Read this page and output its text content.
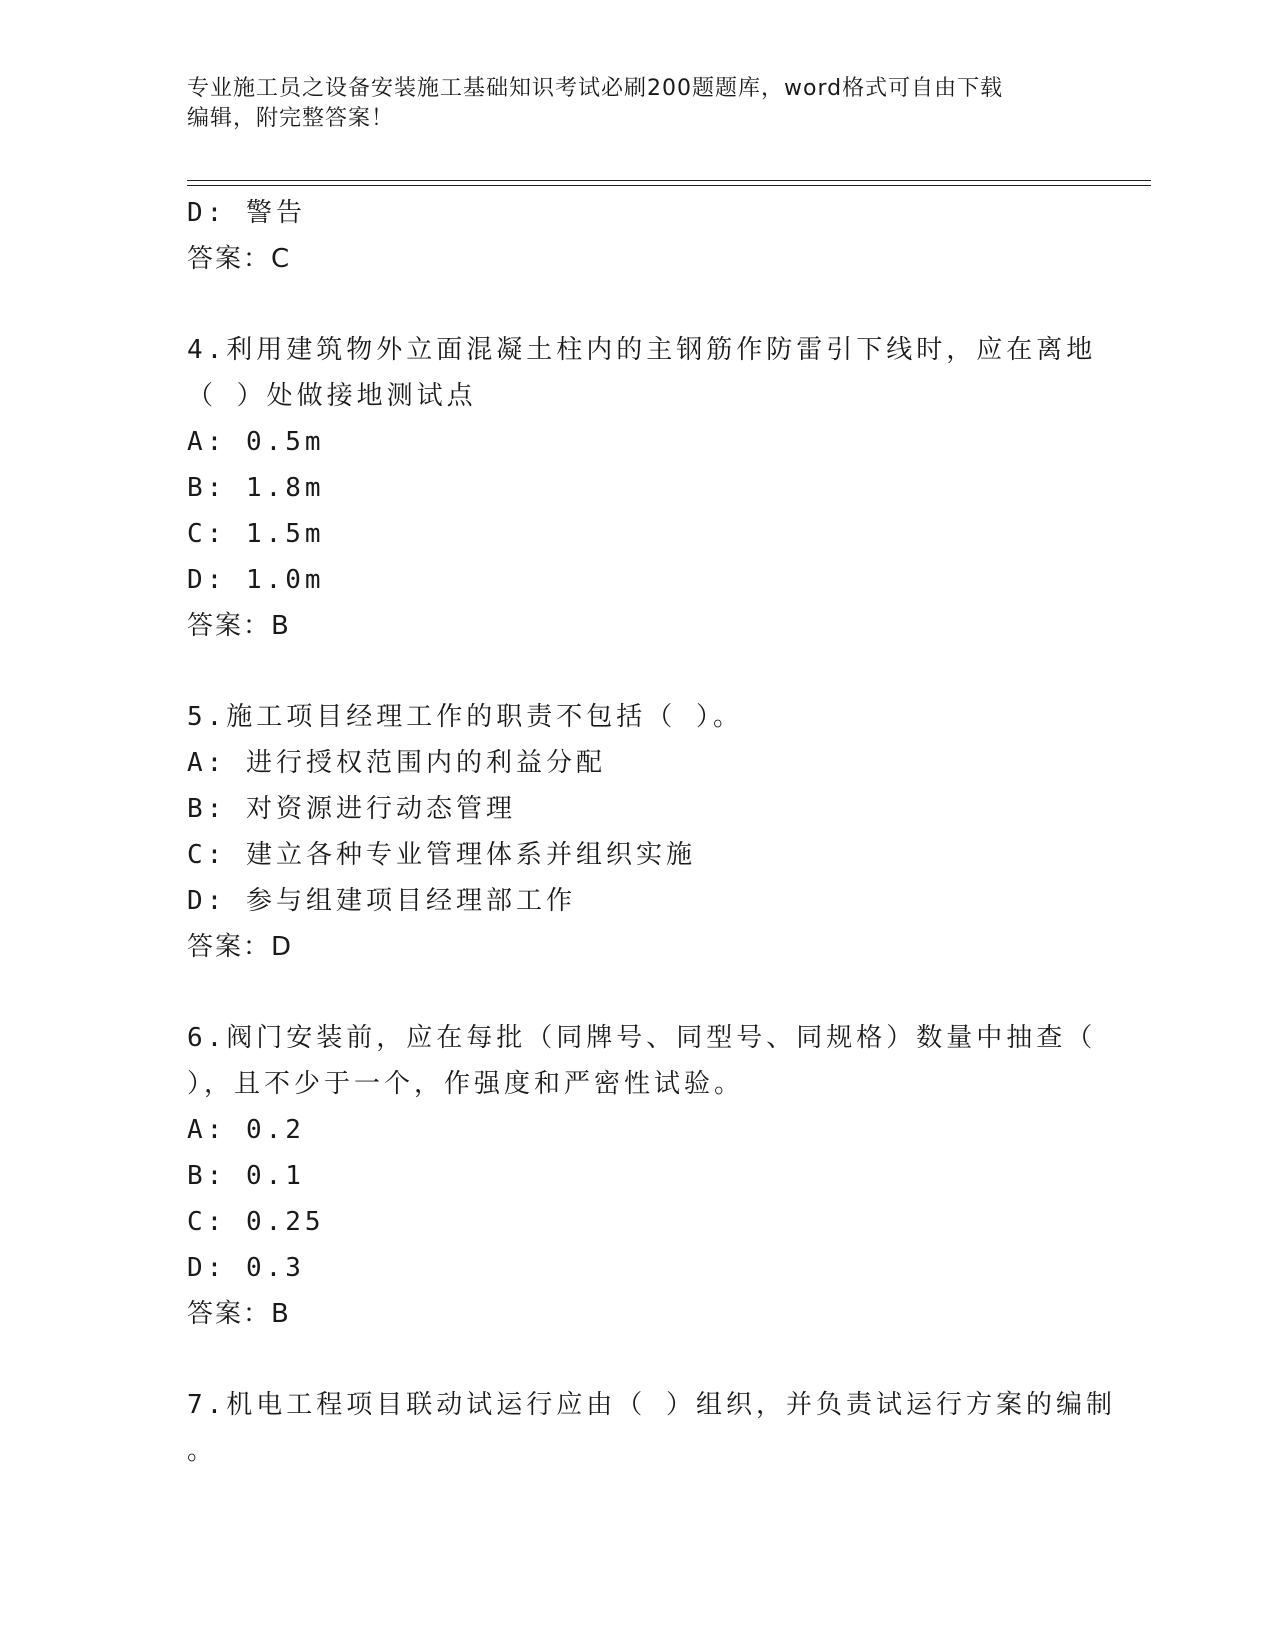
专业施工员之设备安装施工基础知识考试必刷200题题库，word格式可自由下载
编辑，附完整答案！
D: 警告
答案：C
4.利用建筑物外立面混凝土柱内的主钢筋作防雷引下线时，应在离地
（ ）处做接地测试点
A: 0.5m
B: 1.8m
C: 1.5m
D: 1.0m
答案：B
5.施工项目经理工作的职责不包括（ ）。
A: 进行授权范围内的利益分配
B: 对资源进行动态管理
C: 建立各种专业管理体系并组织实施
D: 参与组建项目经理部工作
答案：D
6.阀门安装前，应在每批（同牌号、同型号、同规格）数量中抽查（
），且不少于一个，作强度和严密性试验。
A: 0.2
B: 0.1
C: 0.25
D: 0.3
答案：B
7.机电工程项目联动试运行应由（ ）组织，并负责试运行方案的编制
。
